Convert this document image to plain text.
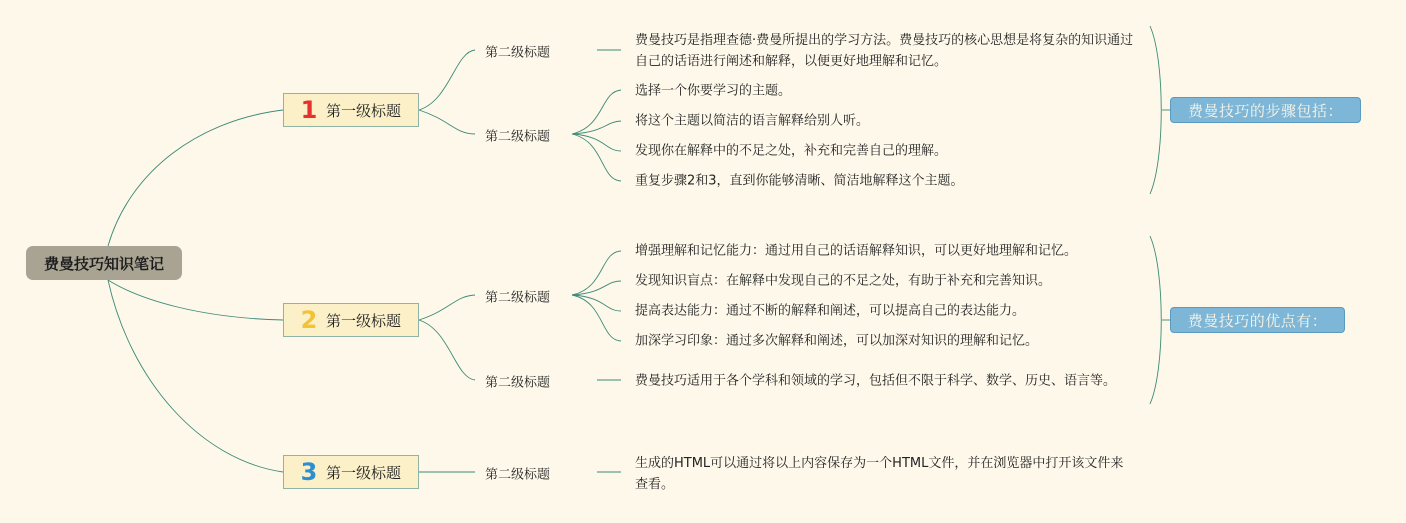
费曼技巧知识笔记
1 第一级标题
2 第一级标题
3 第一级标题
第二级标题
第二级标题
第二级标题
第二级标题
第二级标题
费曼技巧是指理查德·费曼所提出的学习方法。费曼技巧的核心思想是将复杂的知识通过自己的话语进行阐述和解释，以便更好地理解和记忆。
选择一个你要学习的主题。
将这个主题以简洁的语言解释给别人听。
发现你在解释中的不足之处，补充和完善自己的理解。
重复步骤2和3，直到你能够清晰、简洁地解释这个主题。
增强理解和记忆能力：通过用自己的话语解释知识，可以更好地理解和记忆。
发现知识盲点：在解释中发现自己的不足之处，有助于补充和完善知识。
提高表达能力：通过不断的解释和阐述，可以提高自己的表达能力。
加深学习印象：通过多次解释和阐述，可以加深对知识的理解和记忆。
费曼技巧适用于各个学科和领域的学习，包括但不限于科学、数学、历史、语言等。
生成的HTML可以通过将以上内容保存为一个HTML文件，并在浏览器中打开该文件来查看。
费曼技巧的步骤包括：
费曼技巧的优点有：
